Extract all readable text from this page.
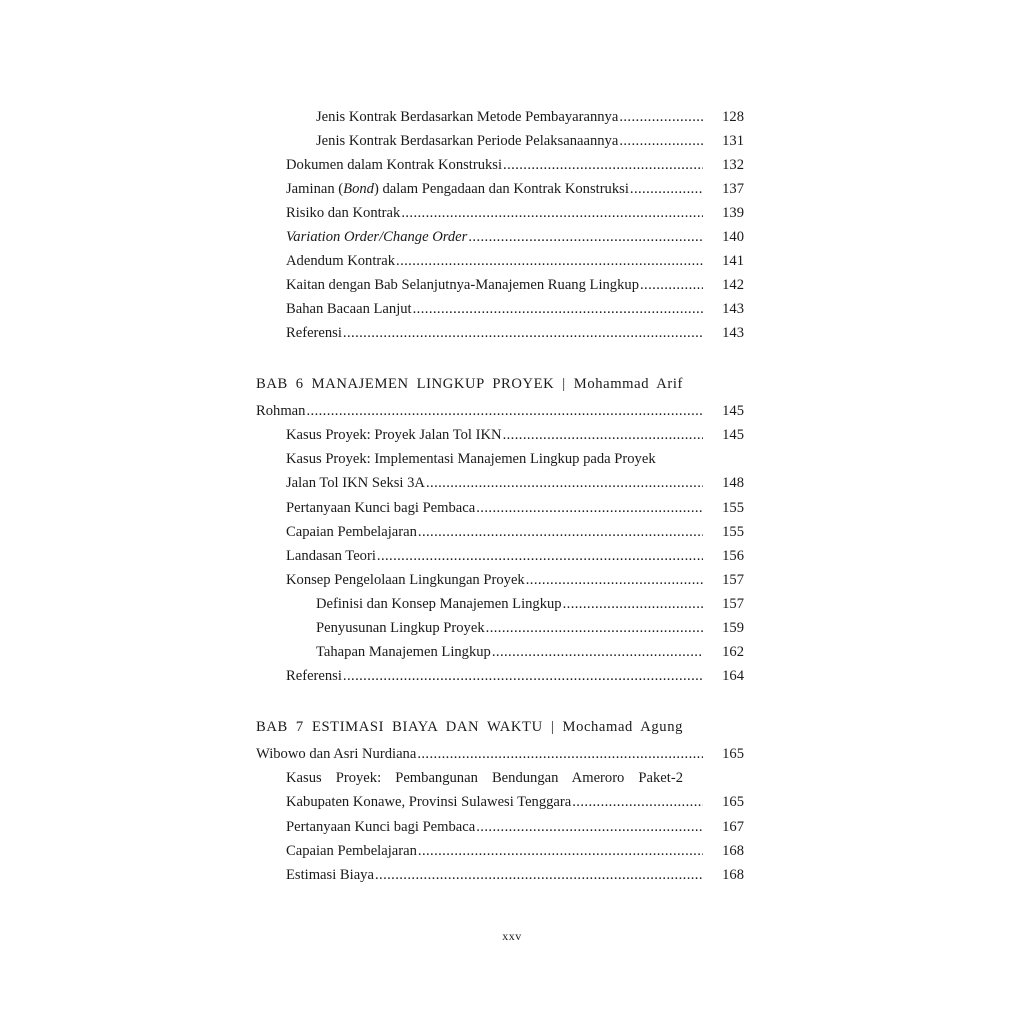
Jenis Kontrak Berdasarkan Metode Pembayarannya .....	128
Jenis Kontrak Berdasarkan Periode Pelaksanaannya .....	131
Dokumen dalam Kontrak Konstruksi .....	132
Jaminan (Bond) dalam Pengadaan dan Kontrak Konstruksi .....	137
Risiko dan Kontrak .....	139
Variation Order/Change Order .....	140
Adendum Kontrak .....	141
Kaitan dengan Bab Selanjutnya-Manajemen Ruang Lingkup .....	142
Bahan Bacaan Lanjut .....	143
Referensi .....	143
BAB 6 MANAJEMEN LINGKUP PROYEK | Mohammad Arif
Rohman .....	145
Kasus Proyek: Proyek Jalan Tol IKN .....	145
Kasus Proyek: Implementasi Manajemen Lingkup pada Proyek
Jalan Tol IKN Seksi 3A .....	148
Pertanyaan Kunci bagi Pembaca .....	155
Capaian Pembelajaran .....	155
Landasan Teori .....	156
Konsep Pengelolaan Lingkungan Proyek .....	157
Definisi dan Konsep Manajemen Lingkup .....	157
Penyusunan Lingkup Proyek .....	159
Tahapan Manajemen Lingkup .....	162
Referensi .....	164
BAB 7 ESTIMASI BIAYA DAN WAKTU | Mochamad Agung
Wibowo dan Asri Nurdiana .....	165
Kasus Proyek: Pembangunan Bendungan Ameroro Paket-2
Kabupaten Konawe, Provinsi Sulawesi Tenggara .....	165
Pertanyaan Kunci bagi Pembaca .....	167
Capaian Pembelajaran .....	168
Estimasi Biaya .....	168
xxv
